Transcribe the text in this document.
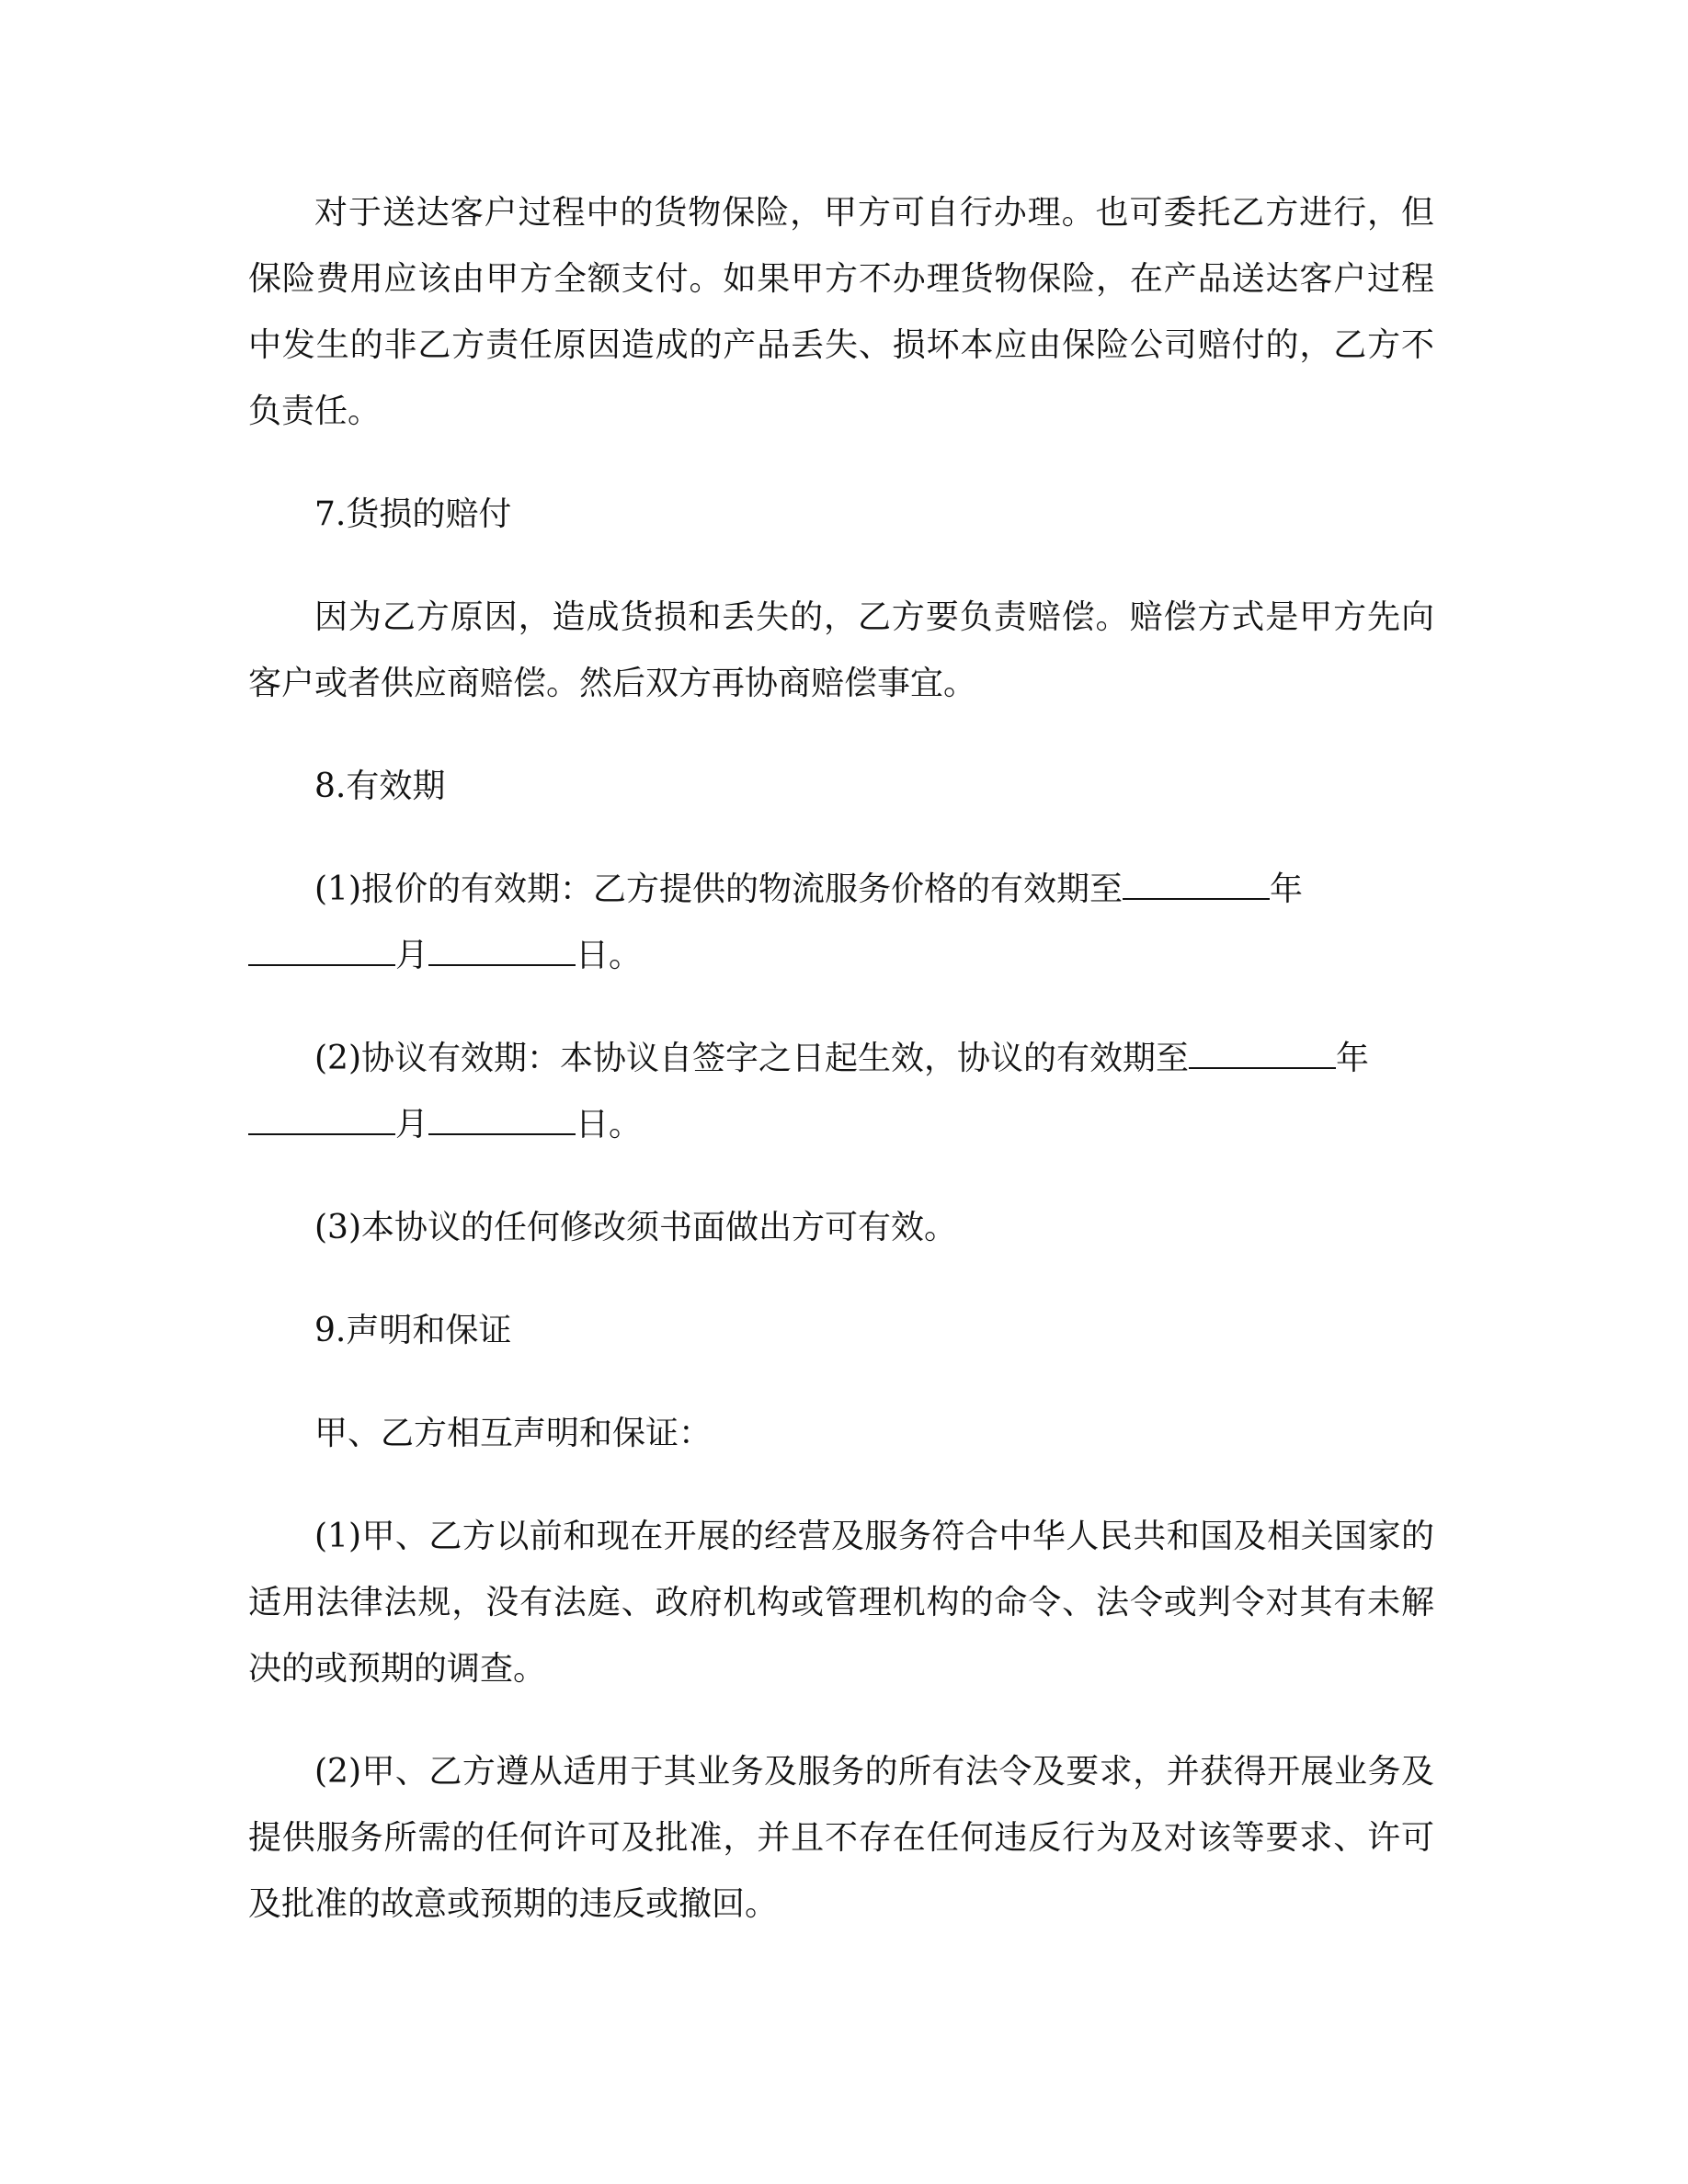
对于送达客户过程中的货物保险，甲方可自行办理。也可委托乙方进行，但保险费用应该由甲方全额支付。如果甲方不办理货物保险，在产品送达客户过程中发生的非乙方责任原因造成的产品丢失、损坏本应由保险公司赔付的，乙方不负责任。

7.货损的赔付

因为乙方原因，造成货损和丢失的，乙方要负责赔偿。赔偿方式是甲方先向客户或者供应商赔偿。然后双方再协商赔偿事宜。

8.有效期

(1)报价的有效期：乙方提供的物流服务价格的有效期至	年
月	日。

(2)协议有效期：本协议自签字之日起生效，协议的有效期至	年
月	日。

(3)本协议的任何修改须书面做出方可有效。

9.声明和保证

甲、乙方相互声明和保证：

(1)甲、乙方以前和现在开展的经营及服务符合中华人民共和国及相关国家的适用法律法规，没有法庭、政府机构或管理机构的命令、法令或判令对其有未解决的或预期的调查。

(2)甲、乙方遵从适用于其业务及服务的所有法令及要求，并获得开展业务及提供服务所需的任何许可及批准，并且不存在任何违反行为及对该等要求、许可及批准的故意或预期的违反或撤回。
